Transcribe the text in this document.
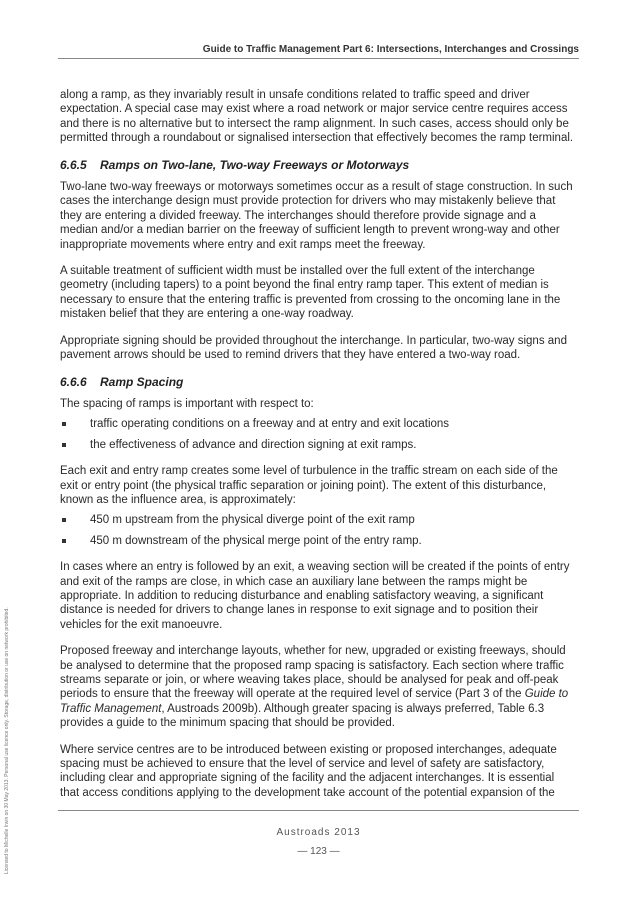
Guide to Traffic Management Part 6: Intersections, Interchanges and Crossings

along a ramp, as they invariably result in unsafe conditions related to traffic speed and driver expectation. A special case may exist where a road network or major service centre requires access and there is no alternative but to intersect the ramp alignment. In such cases, access should only be permitted through a roundabout or signalised intersection that effectively becomes the ramp terminal.

6.6.5 Ramps on Two-lane, Two-way Freeways or Motorways

Two-lane two-way freeways or motorways sometimes occur as a result of stage construction. In such cases the interchange design must provide protection for drivers who may mistakenly believe that they are entering a divided freeway. The interchanges should therefore provide signage and a median and/or a median barrier on the freeway of sufficient length to prevent wrong-way and other inappropriate movements where entry and exit ramps meet the freeway.

A suitable treatment of sufficient width must be installed over the full extent of the interchange geometry (including tapers) to a point beyond the final entry ramp taper. This extent of median is necessary to ensure that the entering traffic is prevented from crossing to the oncoming lane in the mistaken belief that they are entering a one-way roadway.

Appropriate signing should be provided throughout the interchange. In particular, two-way signs and pavement arrows should be used to remind drivers that they have entered a two-way road.

6.6.6 Ramp Spacing

The spacing of ramps is important with respect to:

traffic operating conditions on a freeway and at entry and exit locations
the effectiveness of advance and direction signing at exit ramps.

Each exit and entry ramp creates some level of turbulence in the traffic stream on each side of the exit or entry point (the physical traffic separation or joining point). The extent of this disturbance, known as the influence area, is approximately:

450 m upstream from the physical diverge point of the exit ramp
450 m downstream of the physical merge point of the entry ramp.

In cases where an entry is followed by an exit, a weaving section will be created if the points of entry and exit of the ramps are close, in which case an auxiliary lane between the ramps might be appropriate. In addition to reducing disturbance and enabling satisfactory weaving, a significant distance is needed for drivers to change lanes in response to exit signage and to position their vehicles for the exit manoeuvre.

Proposed freeway and interchange layouts, whether for new, upgraded or existing freeways, should be analysed to determine that the proposed ramp spacing is satisfactory. Each section where traffic streams separate or join, or where weaving takes place, should be analysed for peak and off-peak periods to ensure that the freeway will operate at the required level of service (Part 3 of the Guide to Traffic Management, Austroads 2009b). Although greater spacing is always preferred, Table 6.3 provides a guide to the minimum spacing that should be provided.

Where service centres are to be introduced between existing or proposed interchanges, adequate spacing must be achieved to ensure that the level of service and level of safety are satisfactory, including clear and appropriate signing of the facility and the adjacent interchanges. It is essential that access conditions applying to the development take account of the potential expansion of the

Austroads 2013
— 123 —
Licensed to Michelle Irwin on 30 May 2013. Personal use licence only. Storage, distribution or use on network prohibited.
